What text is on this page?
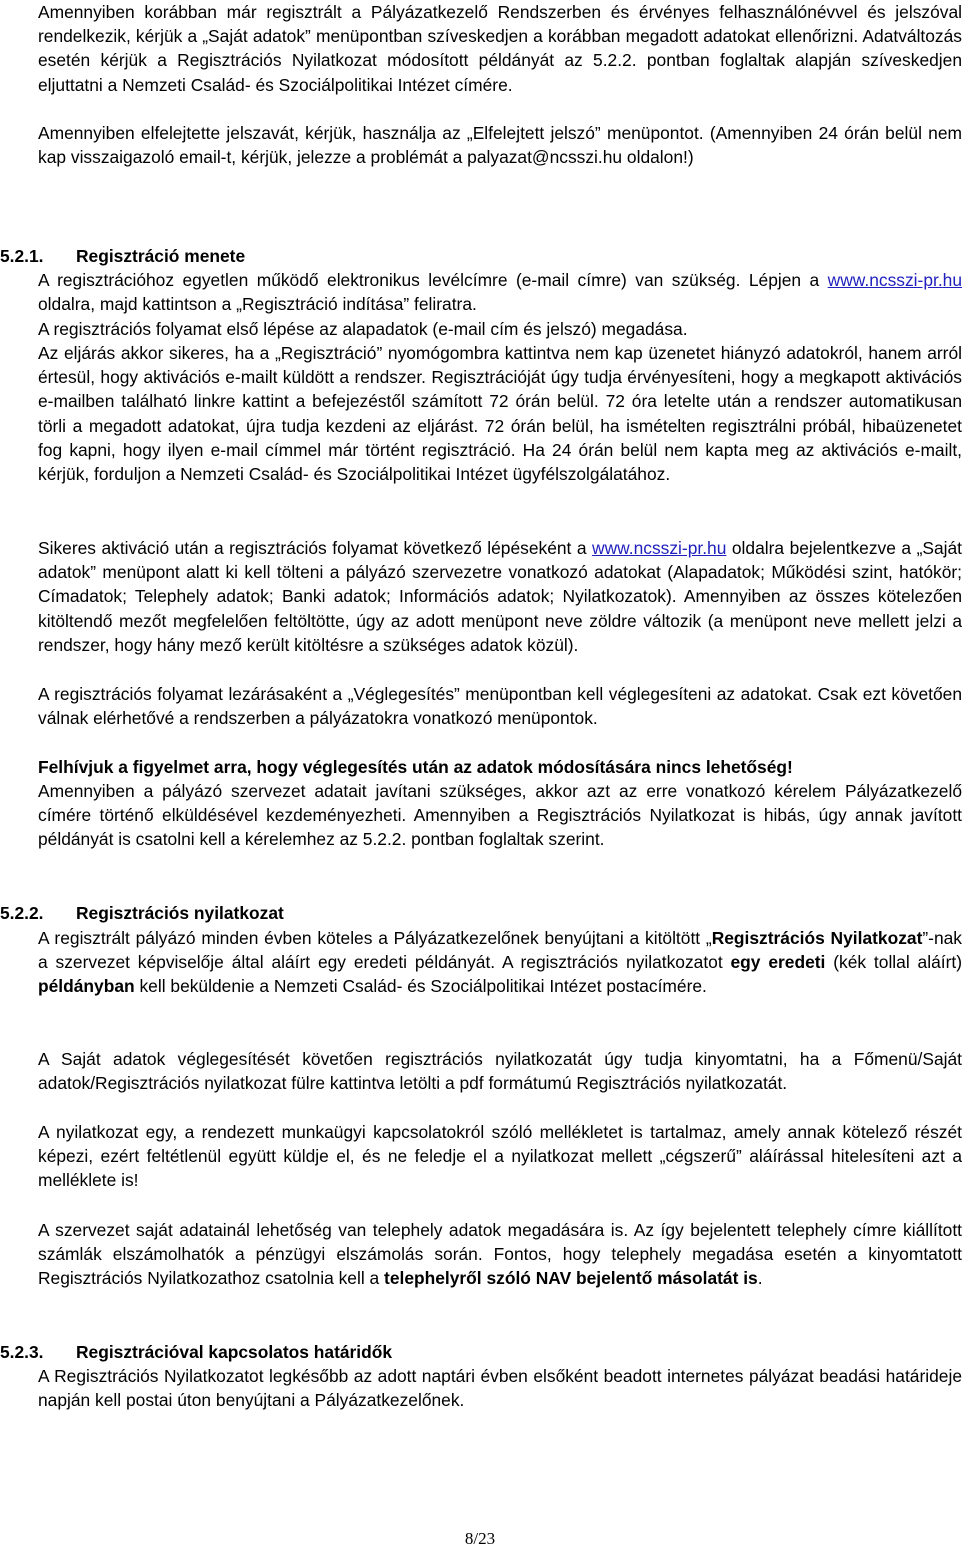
Amennyiben korábban már regisztrált a Pályázatkezelő Rendszerben és érvényes felhasználónévvel és jelszóval rendelkezik, kérjük a „Saját adatok” menüpontban szíveskedjen a korábban megadott adatokat ellenőrizni. Adatváltozás esetén kérjük a Regisztrációs Nyilatkozat módosított példányát az 5.2.2. pontban foglaltak alapján szíveskedjen eljuttatni a Nemzeti Család- és Szociálpolitikai Intézet címére.

Amennyiben elfelejtette jelszavát, kérjük, használja az „Elfelejtett jelszó” menüpontot. (Amennyiben 24 órán belül nem kap visszaigazoló email-t, kérjük, jelezze a problémát a palyazat@ncsszi.hu oldalon!)

5.2.1. Regisztráció menete

A regisztrációhoz egyetlen működő elektronikus levélcímre (e-mail címre) van szükség. Lépjen a www.ncsszi-pr.hu oldalra, majd kattintson a „Regisztráció indítása” feliratra.

A regisztrációs folyamat első lépése az alapadatok (e-mail cím és jelszó) megadása.

Az eljárás akkor sikeres, ha a „Regisztráció” nyomógombra kattintva nem kap üzenetet hiányzó adatokról, hanem arról értesül, hogy aktivációs e-mailt küldött a rendszer. Regisztrációját úgy tudja érvényesíteni, hogy a megkapott aktivációs e-mailben található linkre kattint a befejezéstől számított 72 órán belül. 72 óra letelte után a rendszer automatikusan törli a megadott adatokat, újra tudja kezdeni az eljárást. 72 órán belül, ha ismételten regisztrálni próbál, hibaüzenetet fog kapni, hogy ilyen e-mail címmel már történt regisztráció. Ha 24 órán belül nem kapta meg az aktivációs e-mailt, kérjük, forduljon a Nemzeti Család- és Szociálpolitikai Intézet ügyfélszolgálatához.

Sikeres aktiváció után a regisztrációs folyamat következő lépéseként a www.ncsszi-pr.hu oldalra bejelentkezve a „Saját adatok” menüpont alatt ki kell tölteni a pályázó szervezetre vonatkozó adatokat (Alapadatok; Működési szint, hatókör; Címadatok; Telephely adatok; Banki adatok; Információs adatok; Nyilatkozatok). Amennyiben az összes kötelezően kitöltendő mezőt megfelelően feltöltötte, úgy az adott menüpont neve zöldre változik (a menüpont neve mellett jelzi a rendszer, hogy hány mező került kitöltésre a szükséges adatok közül).

A regisztrációs folyamat lezárásaként a „Véglegesítés” menüpontban kell véglegesíteni az adatokat. Csak ezt követően válnak elérhetővé a rendszerben a pályázatokra vonatkozó menüpontok.

Felhívjuk a figyelmet arra, hogy véglegesítés után az adatok módosítására nincs lehetőség!

Amennyiben a pályázó szervezet adatait javítani szükséges, akkor azt az erre vonatkozó kérelem Pályázatkezelő címére történő elküldésével kezdeményezheti. Amennyiben a Regisztrációs Nyilatkozat is hibás, úgy annak javított példányát is csatolni kell a kérelemhez az 5.2.2. pontban foglaltak szerint.

5.2.2. Regisztrációs nyilatkozat

A regisztrált pályázó minden évben köteles a Pályázatkezelőnek benyújtani a kitöltött „Regisztrációs Nyilatkozat”-nak a szervezet képviselője által aláírt egy eredeti példányát. A regisztrációs nyilatkozatot egy eredeti (kék tollal aláírt) példányban kell beküldenie a Nemzeti Család- és Szociálpolitikai Intézet postacímére.

A Saját adatok véglegesítését követően regisztrációs nyilatkozatát úgy tudja kinyomtatni, ha a Főmenü/Saját adatok/Regisztrációs nyilatkozat fülre kattintva letölti a pdf formátumú Regisztrációs nyilatkozatát.

A nyilatkozat egy, a rendezett munkaügyi kapcsolatokról szóló mellékletet is tartalmaz, amely annak kötelező részét képezi, ezért feltétlenül együtt küldje el, és ne feledje el a nyilatkozat mellett „cégszerű” aláírással hitelesíteni azt a melléklete is!

A szervezet saját adatainál lehetőség van telephely adatok megadására is. Az így bejelentett telephely címre kiállított számlák elszámolhatók a pénzügyi elszámolás során. Fontos, hogy telephely megadása esetén a kinyomtatott Regisztrációs Nyilatkozathoz csatolnia kell a telephelyről szóló NAV bejelentő másolatát is.

5.2.3. Regisztrációval kapcsolatos határidők

A Regisztrációs Nyilatkozatot legkésőbb az adott naptári évben elsőként beadott internetes pályázat beadási határideje napján kell postai úton benyújtani a Pályázatkezelőnek.

8/23
